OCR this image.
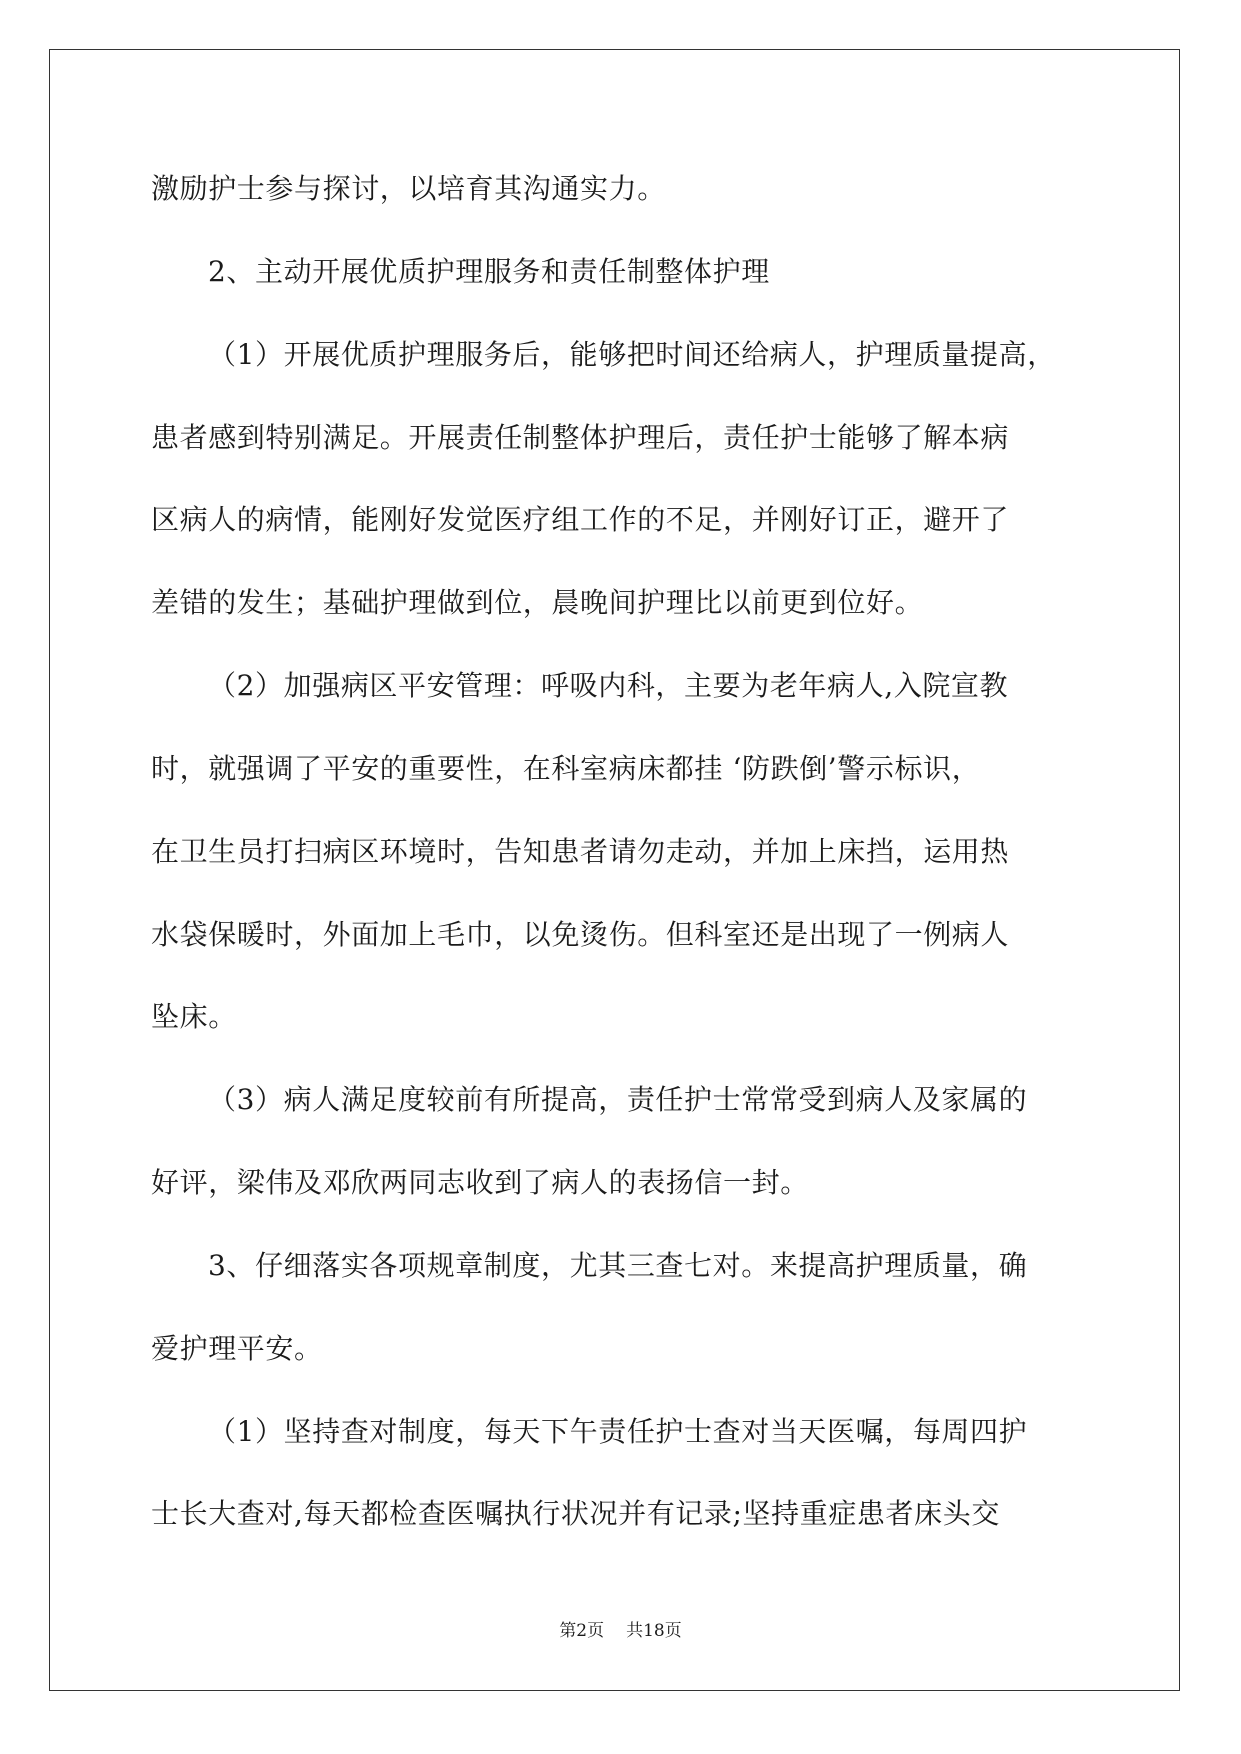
激励护士参与探讨，以培育其沟通实力。
2、主动开展优质护理服务和责任制整体护理
（1）开展优质护理服务后，能够把时间还给病人，护理质量提高，
患者感到特别满足。开展责任制整体护理后，责任护士能够了解本病
区病人的病情，能刚好发觉医疗组工作的不足，并刚好订正，避开了
差错的发生；基础护理做到位，晨晚间护理比以前更到位好。
（2）加强病区平安管理：呼吸内科，主要为老年病人,入院宣教
时，就强调了平安的重要性，在科室病床都挂 ‘防跌倒’警示标识，
在卫生员打扫病区环境时，告知患者请勿走动，并加上床挡，运用热
水袋保暖时，外面加上毛巾，以免烫伤。但科室还是出现了一例病人
坠床。
（3）病人满足度较前有所提高，责任护士常常受到病人及家属的
好评，梁伟及邓欣两同志收到了病人的表扬信一封。
3、仔细落实各项规章制度，尤其三查七对。来提高护理质量，确
爱护理平安。
（1）坚持查对制度，每天下午责任护士查对当天医嘱，每周四护
士长大查对,每天都检查医嘱执行状况并有记录;坚持重症患者床头交
第2页 共18页
